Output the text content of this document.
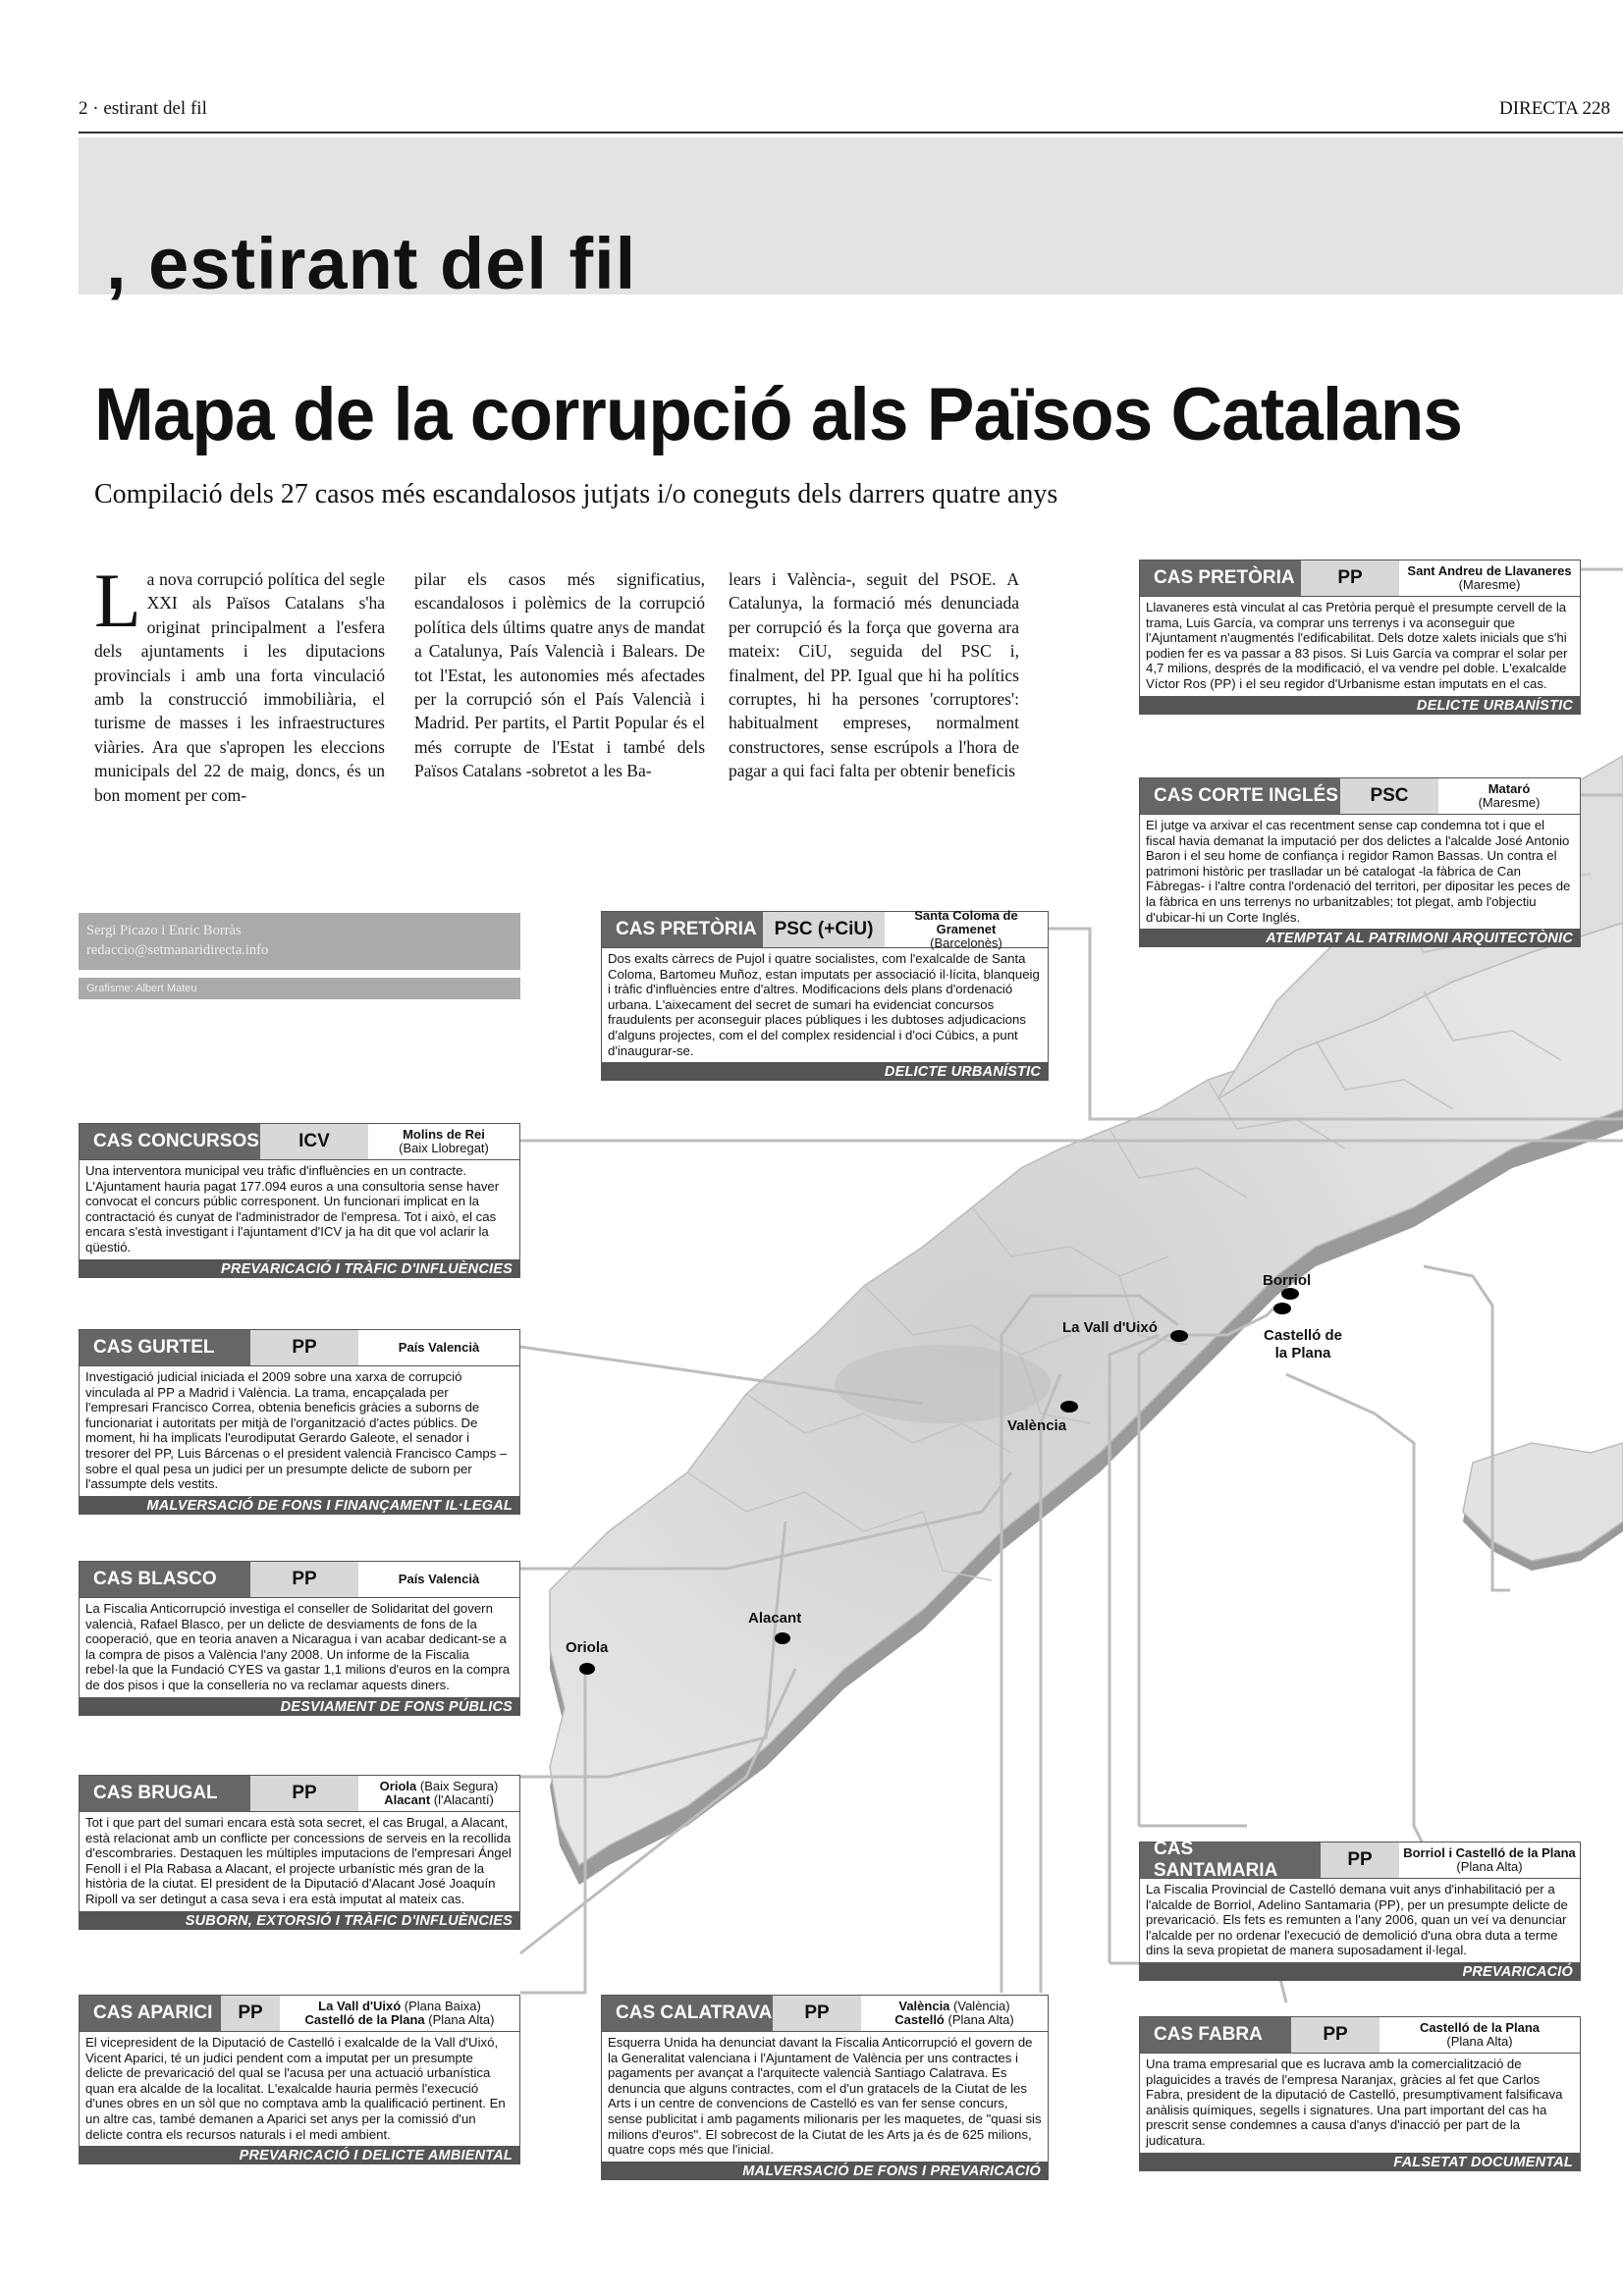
2 · estirant del fil	DIRECTA 228
, estirant del fil
Mapa de la corrupció als Països Catalans
Compilació dels 27 casos més escandalosos jutjats i/o coneguts dels darrers quatre anys
La nova corrupció política del segle XXI als Països Catalans s'ha originat principalment a l'esfera dels ajuntaments i les diputacions provincials i amb una forta vinculació amb la construcció immobiliària, el turisme de masses i les infraestructures viàries. Ara que s'apropen les eleccions municipals del 22 de maig, doncs, és un bon moment per com-
pilar els casos més significatius, escandalosos i polèmics de la corrupció política dels últims quatre anys de mandat a Catalunya, País Valencià i Balears. De tot l'Estat, les autonomies més afectades per la corrupció són el País Valencià i Madrid. Per partits, el Partit Popular és el més corrupte de l'Estat i també dels Països Catalans -sobretot a les Ba-
lears i València-, seguit del PSOE. A Catalunya, la formació més denunciada per corrupció és la força que governa ara mateix: CiU, seguida del PSC i, finalment, del PP. Igual que hi ha polítics corruptes, hi ha persones 'corruptores': habitualment empreses, normalment constructores, sense escrúpols a l'hora de pagar a qui faci falta per obtenir beneficis
Sergi Picazo i Enric Borràs
redaccio@setmanaridirecta.info
Grafisme: Albert Mateu
Borriol
La Vall d'Uixó	Castelló de la Plana
València
Alacant
Oriola
CAS PRETÒRIA	PP	Sant Andreu de Llavaneres
(Maresme)
Llavaneres està vinculat al cas Pretòria perquè el presumpte cervell de la trama, Luis García, va comprar uns terrenys i va aconseguir que l'Ajuntament n'augmentés l'edificabilitat. Dels dotze xalets inicials que s'hi podien fer es va passar a 83 pisos. Si Luis García va comprar el solar per 4,7 milions, després de la modificació, el va vendre pel doble. L'exalcalde Víctor Ros (PP) i el seu regidor d'Urbanisme estan imputats en el cas.
DELICTE URBANÍSTIC
CAS CORTE INGLÉS	PSC	Mataró
(Maresme)
El jutge va arxivar el cas recentment sense cap condemna tot i que el fiscal havia demanat la imputació per dos delictes a l'alcalde José Antonio Baron i el seu home de confiança i regidor Ramon Bassas. Un contra el patrimoni històric per traslladar un bé catalogat -la fàbrica de Can Fàbregas- i l'altre contra l'ordenació del territori, per dipositar les peces de la fàbrica en uns terrenys no urbanitzables; tot plegat, amb l'objectiu d'ubicar-hi un Corte Inglés.
ATEMPTAT AL PATRIMONI ARQUITECTÒNIC
CAS PRETÒRIA PSC (+CiU)
Santa Coloma de Gramenet
(Barcelonès)
Dos exalts càrrecs de Pujol i quatre socialistes, com l'exalcalde de Santa Coloma, Bartomeu Muñoz, estan imputats per associació il·lícita, blanqueig i tràfic d'influències entre d'altres. Modificacions dels plans d'ordenació urbana. L'aixecament del secret de sumari ha evidenciat concursos fraudulents per aconseguir places públiques i les dubtoses adjudicacions d'alguns projectes, com el del complex residencial i d'oci Cúbics, a punt d'inaugurar-se.
DELICTE URBANÍSTIC
CAS CONCURSOS	ICV	Molins de Rei
(Baix Llobregat)
Una interventora municipal veu tràfic d'influències en un contracte. L'Ajuntament hauria pagat 177.094 euros a una consultoria sense haver convocat el concurs públic corresponent. Un funcionari implicat en la contractació és cunyat de l'administrador de l'empresa. Tot i això, el cas encara s'està investigant i l'ajuntament d'ICV ja ha dit que vol aclarir la qüestió.
PREVARICACIÓ I TRÀFIC D'INFLUÈNCIES
CAS GURTEL	PP	País Valencià
Investigació judicial iniciada el 2009 sobre una xarxa de corrupció vinculada al PP a Madrid i València. La trama, encapçalada per l'empresari Francisco Correa, obtenia beneficis gràcies a suborns de funcionariat i autoritats per mitjà de l'organització d'actes públics. De moment, hi ha implicats l'eurodiputat Gerardo Galeote, el senador i tresorer del PP, Luis Bárcenas o el president valencià Francisco Camps – sobre el qual pesa un judici per un presumpte delicte de suborn per l'assumpte dels vestits.
MALVERSACIÓ DE FONS I FINANÇAMENT IL·LEGAL
CAS BLASCO	PP	País Valencià
La Fiscalia Anticorrupció investiga el conseller de Solidaritat del govern valencià, Rafael Blasco, per un delicte de desviaments de fons de la cooperació, que en teoria anaven a Nicaragua i van acabar dedicant-se a la compra de pisos a València l'any 2008. Un informe de la Fiscalia rebel·la que la Fundació CYES va gastar 1,1 milions d'euros en la compra de dos pisos i que la conselleria no va reclamar aquests diners.
DESVIAMENT DE FONS PÚBLICS
CAS BRUGAL	PP	Oriola (Baix Segura)
Alacant (l'Alacantí)
Tot i que part del sumari encara està sota secret, el cas Brugal, a Alacant, està relacionat amb un conflicte per concessions de serveis en la recollida d'escombraries. Destaquen les múltiples imputacions de l'empresari Ángel Fenoll i el Pla Rabasa a Alacant, el projecte urbanístic més gran de la història de la ciutat. El president de la Diputació d'Alacant José Joaquín Ripoll va ser detingut a casa seva i era està imputat al mateix cas.
SUBORN, EXTORSIÓ I TRÀFIC D'INFLUÈNCIES
CAS APARICI	PP	La Vall d'Uixó (Plana Baixa)
Castelló de la Plana (Plana Alta)
El vicepresident de la Diputació de Castelló i exalcalde de la Vall d'Uixó, Vicent Aparici, té un judici pendent com a imputat per un presumpte delicte de prevaricació del qual se l'acusa per una actuació urbanística quan era alcalde de la localitat. L'exalcalde hauria permès l'execució d'unes obres en un sòl que no comptava amb la qualificació pertinent. En un altre cas, també demanen a Aparici set anys per la comissió d'un delicte contra els recursos naturals i el medi ambient.
PREVARICACIÓ I DELICTE AMBIENTAL
CAS CALATRAVA	PP	València (València)
Castelló (Plana Alta)
Esquerra Unida ha denunciat davant la Fiscalia Anticorrupció el govern de la Generalitat valenciana i l'Ajuntament de València per uns contractes i pagaments per avançat a l'arquitecte valencià Santiago Calatrava. Es denuncia que alguns contractes, com el d'un gratacels de la Ciutat de les Arts i un centre de convencions de Castelló es van fer sense concurs, sense publicitat i amb pagaments milionaris per les maquetes, de "quasi sis milions d'euros". El sobrecost de la Ciutat de les Arts ja és de 625 milions, quatre cops més que l'inicial.
MALVERSACIÓ DE FONS I PREVARICACIÓ
CAS SANTAMARIA
PP	Borriol i Castelló de la Plana
(Plana Alta)
La Fiscalia Provincial de Castelló demana vuit anys d'inhabilitació per a l'alcalde de Borriol, Adelino Santamaria (PP), per un presumpte delicte de prevaricació. Els fets es remunten a l'any 2006, quan un veí va denunciar l'alcalde per no ordenar l'execució de demolició d'una obra duta a terme dins la seva propietat de manera suposadament il·legal.
PREVARICACIÓ
CAS FABRA	PP	Castelló de la Plana
(Plana Alta)
Una trama empresarial que es lucrava amb la comercialització de plaguicides a través de l'empresa Naranjax, gràcies al fet que Carlos Fabra, president de la diputació de Castelló, presumptivament falsificava anàlisis químiques, segells i signatures. Una part important del cas ha prescrit sense condemnes a causa d'anys d'inacció per part de la judicatura.
FALSETAT DOCUMENTAL
